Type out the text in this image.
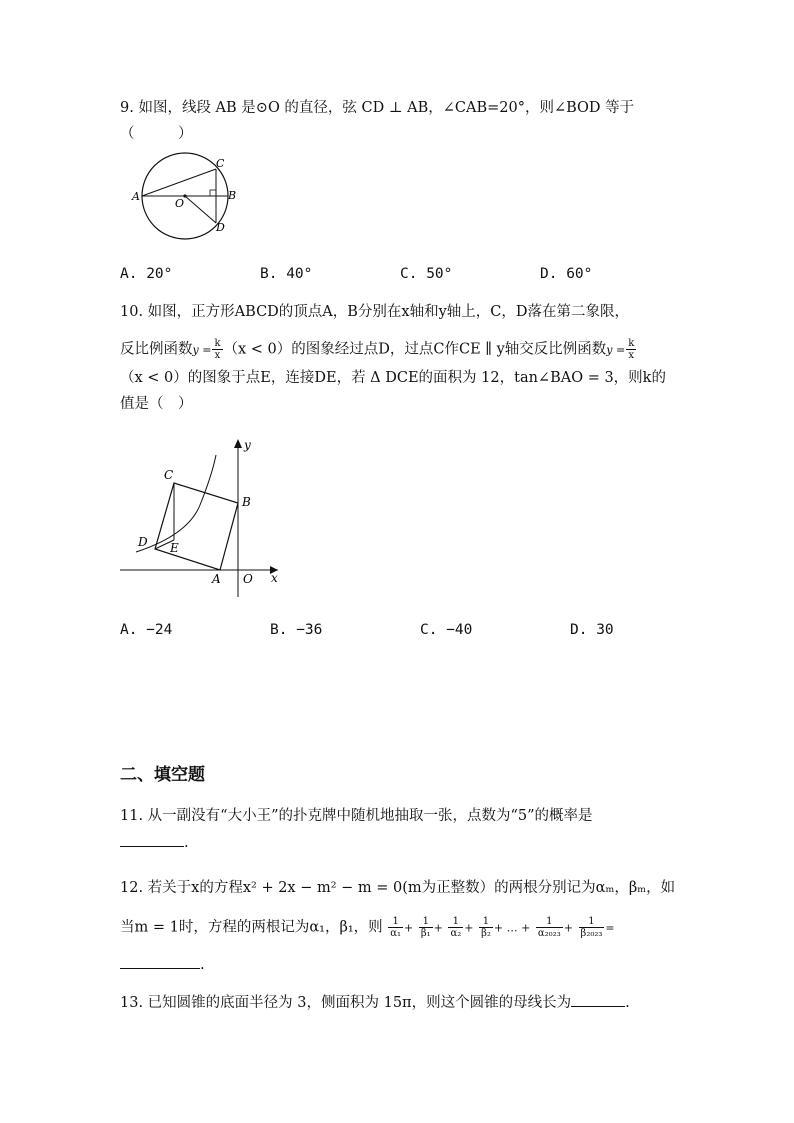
9. 如图，线段 AB 是⊙O 的直径，弦 CD ⊥ AB，∠CAB=20°，则∠BOD 等于
（　　　）
A	B
C
D
O
A. 20°	B. 40°	C. 50°	D. 60°
10. 如图，正方形ABCD的顶点A，B分别在x轴和y轴上，C，D落在第二象限，
反比例函数$y = \frac{k}{x} (x < 0)$的图象经过点D，过点C作CE ∥ y轴交反比例函数$y = \frac{k}{x}$
（x < 0）的图象于点E，连接DE，若 Δ DCE的面积为 12，tan∠BAO = 3，则k的
值是（　）
C
B
D E
A O x
y
A. −24	B. −36	C. −40	D. 30
二、填空题
11. 从一副没有“大小王”的扑克牌中随机地抽取一张，点数为“5”的概率是
.
12. 若关于x的方程x² + 2x − m² − m = 0(m为正整数）的两根分别记为αₘ，βₘ，如
当m = 1时，方程的两根记为α₁，β₁，则 $\frac{1}{\text{α₁}} + \frac{1}{\text{β₁}} + \frac{1}{\text{α₂}} + \frac{1}{\text{β₂}}$ + … + $\frac{1}{\text{α₂₀₂₃}} + \frac{1}{\text{β₂₀₂₃}}$ =
.
13. 已知圆锥的底面半径为 3，侧面积为 15π，则这个圆锥的母线长为	.
